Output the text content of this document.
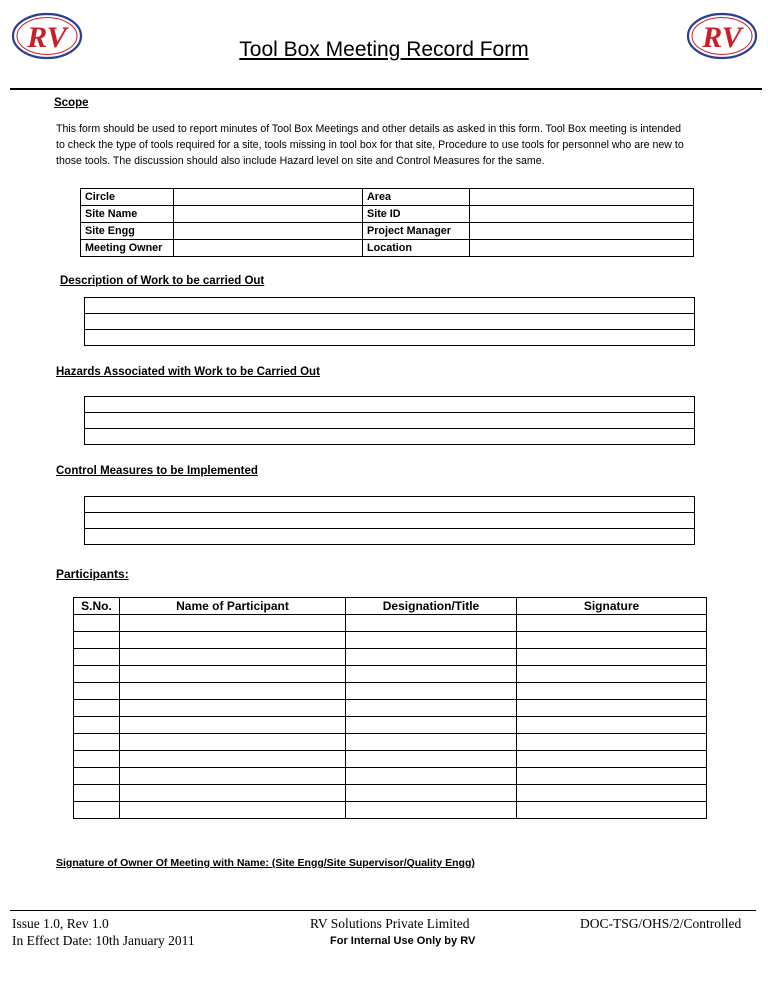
RV	RV
Tool Box Meeting Record Form
Scope
This form should be used to report minutes of Tool Box Meetings and other details as asked in this form. Tool Box meeting is intended
to check the type of tools required for a site, tools missing in tool box for that site, Procedure to use tools for personnel who are new to
those tools. The discussion should also include Hazard level on site and Control Measures for the same.
Circle		Area	
Site Name		Site ID	
Site Engg		Project Manager	
Meeting Owner		Location	
Description of Work to be carried Out

Hazards Associated with Work to be Carried Out

Control Measures to be Implemented

Participants:
S.No.	Name of Participant	Designation/Title	Signature

Signature of Owner Of Meeting with Name: (Site Engg/Site Supervisor/Quality Engg)
Issue 1.0, Rev 1.0
In Effect Date: 10th January 2011
RV Solutions Private Limited
For Internal Use Only by RV
DOC-TSG/OHS/2/Controlled
